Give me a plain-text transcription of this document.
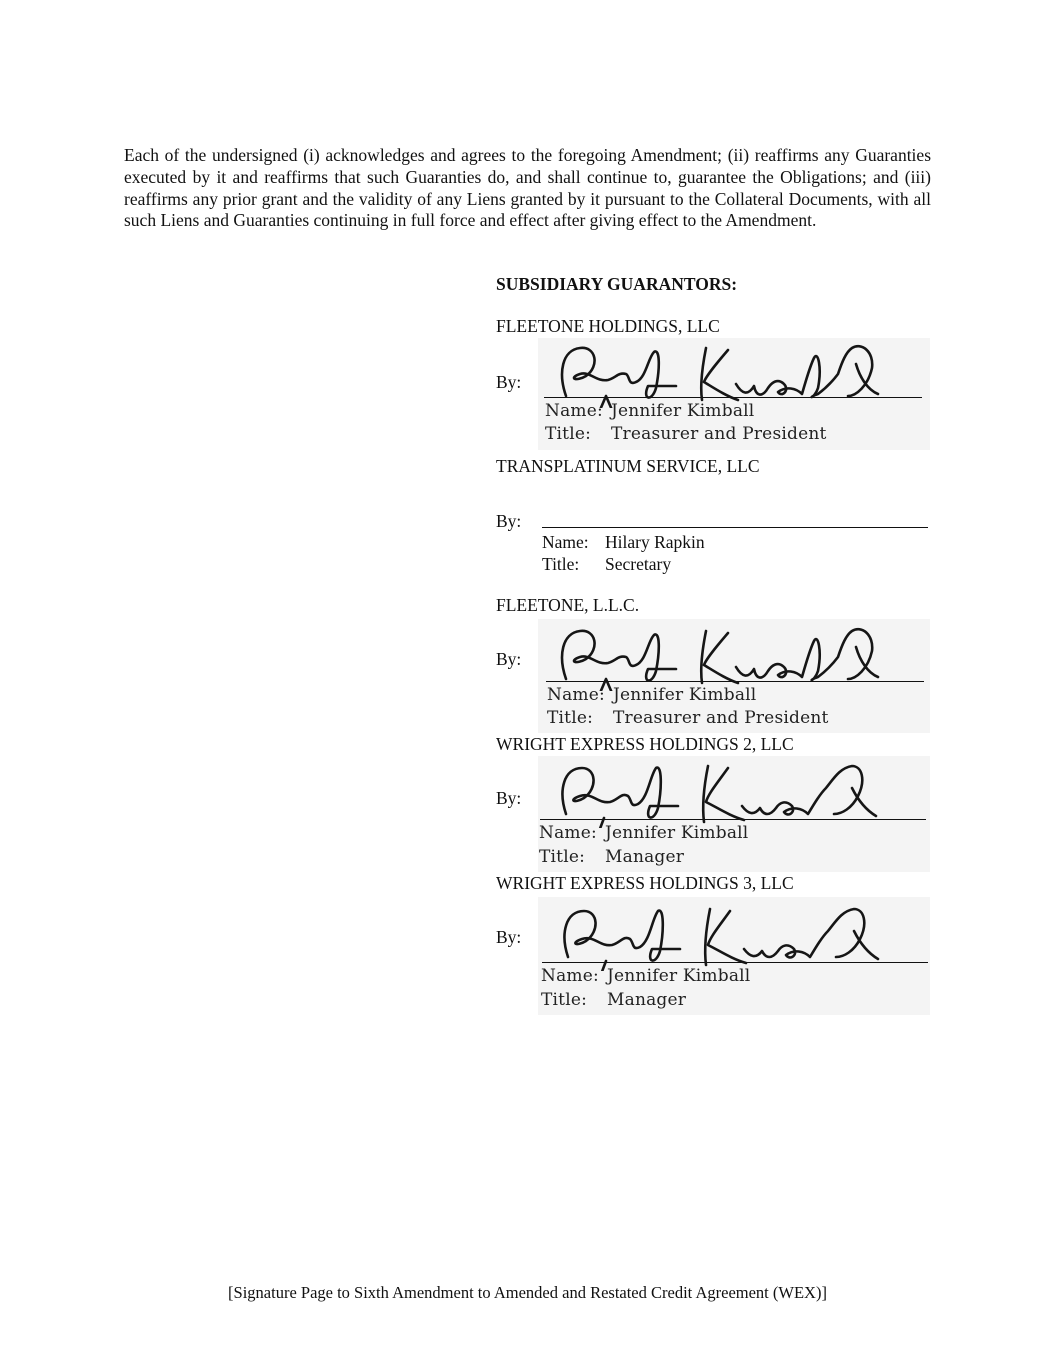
Each of the undersigned (i) acknowledges and agrees to the foregoing Amendment; (ii) reaffirms any Guaranties executed by it and reaffirms that such Guaranties do, and shall continue to, guarantee the Obligations; and (iii) reaffirms any prior grant and the validity of any Liens granted by it pursuant to the Collateral Documents, with all such Liens and Guaranties continuing in full force and effect after giving effect to the Amendment.

SUBSIDIARY GUARANTORS:

FLEETONE HOLDINGS, LLC
By:
Name: Jennifer Kimball
Title: Treasurer and President
TRANSPLATINUM SERVICE, LLC
By:
Name: Hilary Rapkin
Title: Secretary
FLEETONE, L.L.C.
By:
Name: Jennifer Kimball
Title: Treasurer and President
WRIGHT EXPRESS HOLDINGS 2, LLC
By:
Name: Jennifer Kimball
Title: Manager
WRIGHT EXPRESS HOLDINGS 3, LLC
By:
Name: Jennifer Kimball
Title: Manager
[Signature Page to Sixth Amendment to Amended and Restated Credit Agreement (WEX)]
